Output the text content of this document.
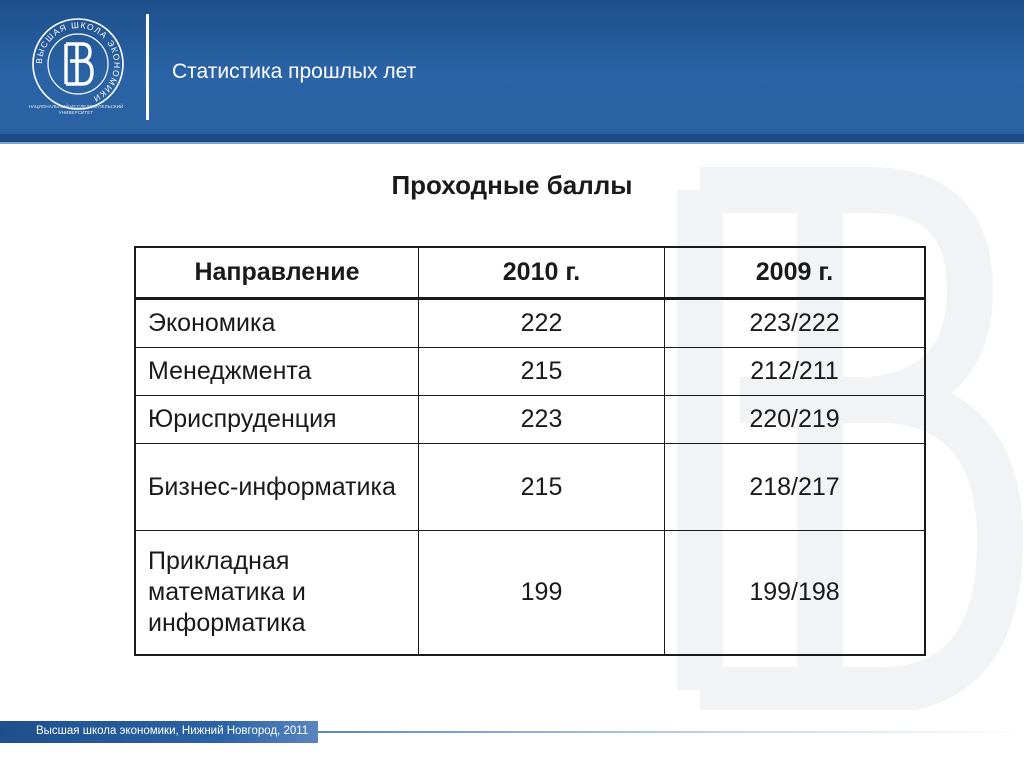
ВЫСШАЯ ШКОЛА ЭКОНОМИКИ
НАЦИОНАЛЬНЫЙ ИССЛЕДОВАТЕЛЬСКИЙ УНИВЕРСИТЕТ
Статистика прошлых лет
Проходные баллы
Направление	2010 г.	2009 г.
Экономика	222	223/222
Менеджмента	215	212/211
Юриспруденция	223	220/219
Бизнес-информатика	215	218/217
Прикладная математика и информатика	199	199/198
Высшая школа экономики, Нижний Новгород, 2011
